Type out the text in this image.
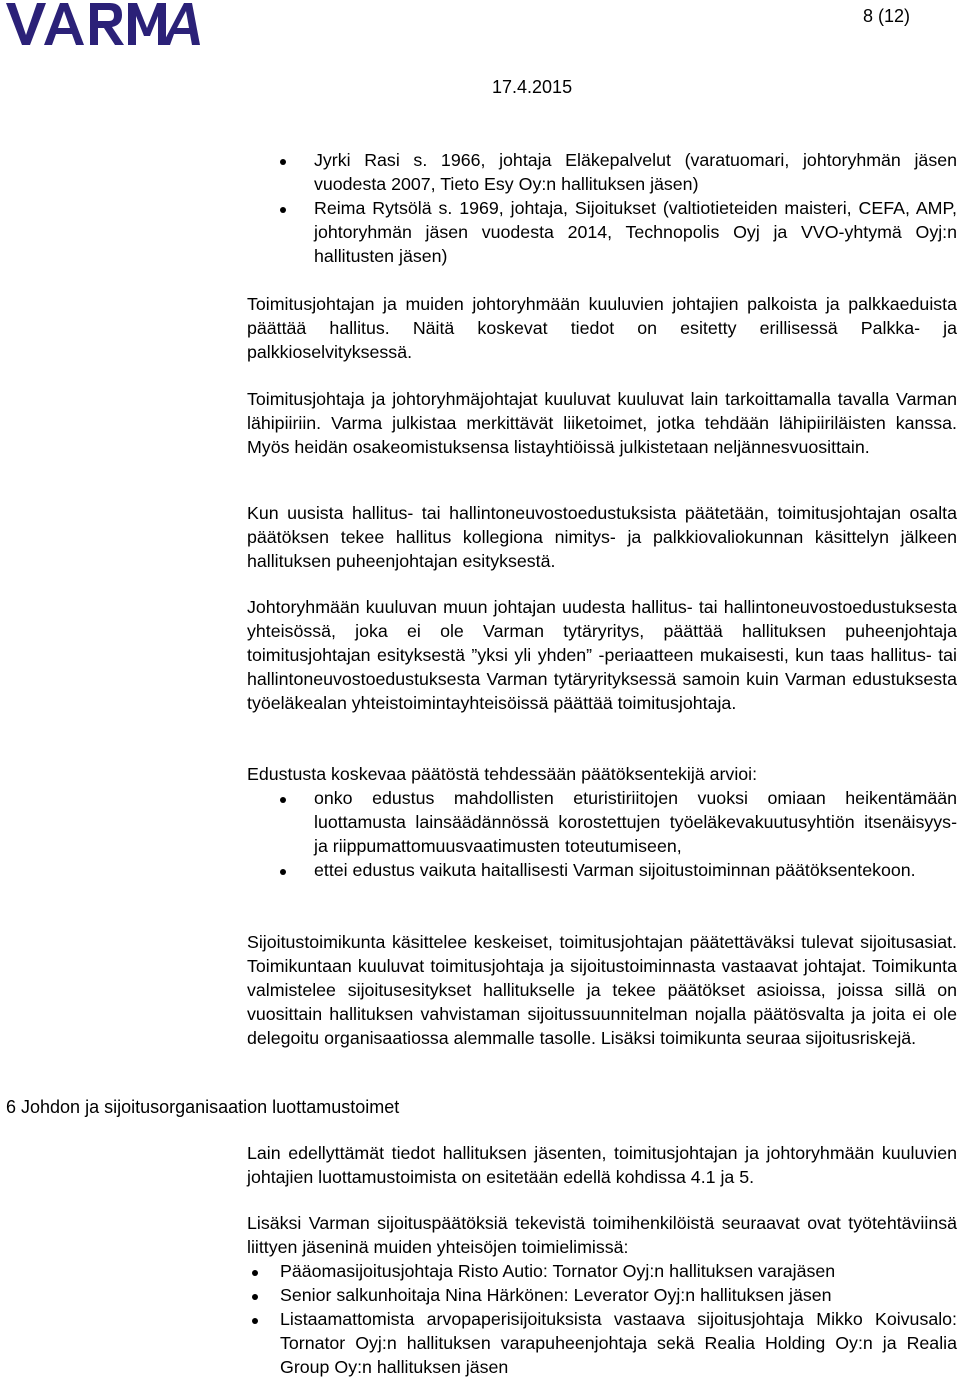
8 (12)
17.4.2015
Jyrki Rasi s. 1966, johtaja Eläkepalvelut (varatuomari, johtoryhmän jäsen vuodesta 2007, Tieto Esy Oy:n hallituksen jäsen)
Reima Rytsölä s. 1969, johtaja, Sijoitukset (valtiotieteiden maisteri, CEFA, AMP, johtoryhmän jäsen vuodesta 2014, Technopolis Oyj ja VVO-yhtymä Oyj:n hallitusten jäsen)

Toimitusjohtajan ja muiden johtoryhmään kuuluvien johtajien palkoista ja palkkaeduista päättää hallitus. Näitä koskevat tiedot on esitetty erillisessä Palkka- ja palkkioselvityksessä.

Toimitusjohtaja ja johtoryhmäjohtajat kuuluvat kuuluvat lain tarkoittamalla tavalla Varman lähipiiriin. Varma julkistaa merkittävät liiketoimet, jotka tehdään lähipiiriläisten kanssa. Myös heidän osakeomistuksensa listayhtiöissä julkistetaan neljännesvuosittain.

Kun uusista hallitus- tai hallintoneuvostoedustuksista päätetään, toimitusjohtajan osalta päätöksen tekee hallitus kollegiona nimitys- ja palkkiovaliokunnan käsittelyn jälkeen hallituksen puheenjohtajan esityksestä.

Johtoryhmään kuuluvan muun johtajan uudesta hallitus- tai hallintoneuvostoedustuksesta yhteisössä, joka ei ole Varman tytäryritys, päättää hallituksen puheenjohtaja toimitusjohtajan esityksestä ”yksi yli yhden” -periaatteen mukaisesti, kun taas hallitus- tai hallintoneuvostoedustuksesta Varman tytäryrityksessä samoin kuin Varman edustuksesta työeläkealan yhteistoimintayhteisöissä päättää toimitusjohtaja.

Edustusta koskevaa päätöstä tehdessään päätöksentekijä arvioi:

onko edustus mahdollisten eturistiriitojen vuoksi omiaan heikentämään luottamusta lainsäädännössä korostettujen työeläkevakuutusyhtiön itsenäisyys- ja riippumattomuusvaatimusten toteutumiseen,
ettei edustus vaikuta haitallisesti Varman sijoitustoiminnan päätöksentekoon.

Sijoitustoimikunta käsittelee keskeiset, toimitusjohtajan päätettäväksi tulevat sijoitusasiat. Toimikuntaan kuuluvat toimitusjohtaja ja sijoitustoiminnasta vastaavat johtajat. Toimikunta valmistelee sijoitusesitykset hallitukselle ja tekee päätökset asioissa, joissa sillä on vuosittain hallituksen vahvistaman sijoitussuunnitelman nojalla päätösvalta ja joita ei ole delegoitu organisaatiossa alemmalle tasolle. Lisäksi toimikunta seuraa sijoitusriskejä.

6 Johdon ja sijoitusorganisaation luottamustoimet

Lain edellyttämät tiedot hallituksen jäsenten, toimitusjohtajan ja johtoryhmään kuuluvien johtajien luottamustoimista on esitetään edellä kohdissa 4.1 ja 5.

Lisäksi Varman sijoituspäätöksiä tekevistä toimihenkilöistä seuraavat ovat työtehtäviinsä liittyen jäseninä muiden yhteisöjen toimielimissä:

Pääomasijoitusjohtaja Risto Autio: Tornator Oyj:n hallituksen varajäsen
Senior salkunhoitaja Nina Härkönen: Leverator Oyj:n hallituksen jäsen
Listaamattomista arvopaperisijoituksista vastaava sijoitusjohtaja Mikko Koivusalo: Tornator Oyj:n hallituksen varapuheenjohtaja sekä Realia Holding Oy:n ja Realia Group Oy:n hallituksen jäsen
